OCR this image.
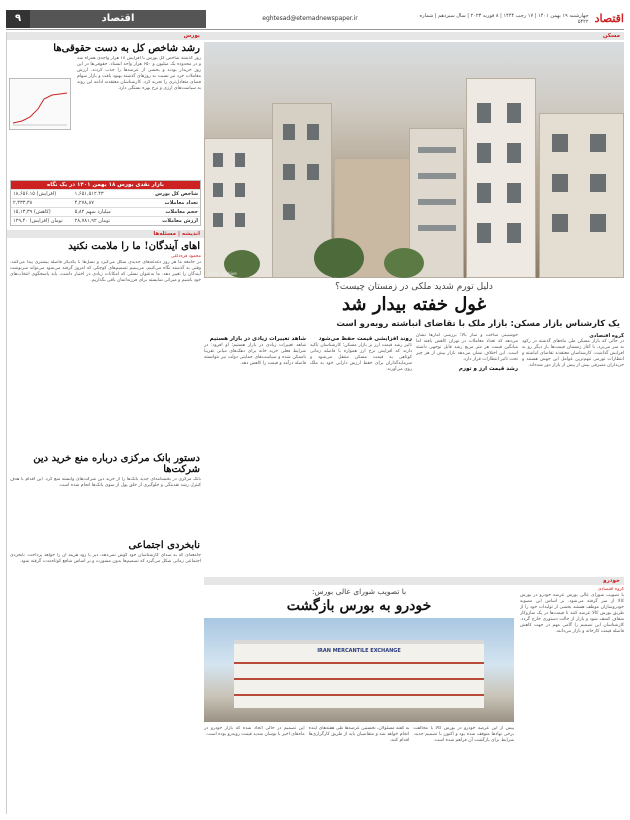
اقتصاد
چهارشنبه ۱۹ بهمن ۱۴۰۱ | ۱۷ رجب ۱۴۴۴ | ۸ فوریه ۲۰۲۳ | سال سیزدهم | شماره ۵۴۲۲
eghtesad@etemadnewspaper.ir
اقتصاد
۹
مسکن
Photo: archive
دلیل تورم شدید ملکی در زمستان چیست؟
غول خفته بیدار شد
یک کارشناس بازار مسکن: بازار ملک با تقاضای انباشته روبه‌رو است
گروه اقتصادی

در حالی که بازار مسکن طی ماه‌های گذشته در رکود به سر می‌برد، با آغاز زمستان قیمت‌ها بار دیگر رو به افزایش گذاشت. کارشناسان معتقدند تقاضای انباشته و انتظارات تورمی مهم‌ترین عوامل این جهش هستند و خریداران مصرفی بیش از پیش از بازار دور شده‌اند.

خوشبینی ساخت و ساز بالا؛ بررسی آمارها نشان می‌دهد که تعداد معاملات در تهران کاهش یافته اما میانگین قیمت هر متر مربع رشد قابل توجهی داشته است. این اختلاف نشان می‌دهد بازار بیش از هر چیز تحت تاثیر انتظارات قرار دارد.

رشد قیمت ارز و تورم
روند افزایشی قیمت حفظ می‌شود

تاثیر رشد قیمت ارز بر بازار مسکن؛ کارشناسان تاکید دارند که افزایش نرخ ارز همواره با فاصله زمانی کوتاهی به قیمت مسکن منتقل می‌شود و سرمایه‌گذاران برای حفظ ارزش دارایی خود به ملک روی می‌آورند.

شاهد تغییرات زیادی در بازار هستیم

شاهد تغییرات زیادی در بازار هستیم؛ او افزود: در شرایط فعلی خرید خانه برای دهک‌های میانی تقریبا ناممکن شده و سیاست‌های حمایتی دولت نیز نتوانسته فاصله درآمد و قیمت را کاهش دهد.

خودرو
گروه اقتصادی

با تصویب شورای عالی بورس عرضه خودرو در بورس کالا از سر گرفته می‌شود. بر اساس این مصوبه خودروسازان موظف هستند بخشی از تولیدات خود را از طریق بورس کالا عرضه کنند تا قیمت‌ها در یک سازوکار شفاف کشف شود و بازار از حالت دستوری خارج گردد. کارشناسان این تصمیم را گامی مهم در جهت کاهش فاصله قیمت کارخانه و بازار می‌دانند.

با تصویب شورای عالی بورس:
خودرو به بورس بازگشت
IRAN MERCANTILE EXCHANGE
پیش از این عرضه خودرو در بورس کالا با مخالفت برخی نهادها متوقف شده بود و اکنون با تصمیم جدید، شرایط برای بازگشت آن فراهم شده است.
به گفته مسئولان، نخستین عرضه‌ها طی هفته‌های آینده انجام خواهد شد و متقاضیان باید از طریق کارگزاری‌ها اقدام کنند.
این تصمیم در حالی اتخاذ شده که بازار خودرو در ماه‌های اخیر با نوسان شدید قیمت روبه‌رو بوده است.
بورس
رشد شاخص کل به دست حقوقی‌ها
روز گذشته شاخص کل بورس با افزایش ۱۸ هزار واحدی همراه شد و در محدوده یک میلیون و ۶۵۰ هزار واحد ایستاد. حقوقی‌ها در این روز خریدار بودند و بخشی از عرضه‌ها را جذب کردند. ارزش معاملات خرد نیز نسبت به روزهای گذشته بهبود یافت و بازار سهام فضای متعادل‌تری را تجربه کرد. کارشناسان معتقدند ادامه این روند به سیاست‌های ارزی و نرخ بهره بستگی دارد.
بازار نقدی بورس ۱۸ بهمن ۱۴۰۱ در یک نگاه
شاخص کل بورس
۱,۶۵۱,۵۱۲.۴۳
۱۸,۶۵۶.۱۵ (افزایش)
تعداد معاملات
۴,۲۷۸,۸۷
۲,۳۳۳,۳۸
حجم معاملات
۵,۸۲ میلیارد سهم
۱۵,۱۳,۳۹ (کاهش)
ارزش معاملات
۲۸,۷۸۱,۹۲ تومان
۱۲۹,۴۰ تومان (افزایش)
اندیشه | مسئله‌ها
اهای آیندگان! ما را ملامت نکنید
محمود قره‌داغی
در جامعه ما هر روز دغدغه‌های جدیدی شکل می‌گیرد و نسل‌ها با یکدیگر فاصله بیشتری پیدا می‌کنند. وقتی به گذشته نگاه می‌کنیم، می‌بینیم تصمیم‌های کوچکی که امروز گرفته می‌شود می‌تواند سرنوشت آیندگان را تغییر دهد. ما به‌عنوان نسلی که امکانات زیادی در اختیار داشت، باید پاسخگوی انتخاب‌های خود باشیم و میراثی شایسته برای فرزندانمان باقی بگذاریم.
دستور بانک مرکزی درباره منع خرید دین شرکت‌ها
بانک مرکزی در بخشنامه‌ای جدید بانک‌ها را از خرید دین شرکت‌های وابسته منع کرد. این اقدام با هدف کنترل رشد نقدینگی و جلوگیری از خلق پول از سوی بانک‌ها انجام شده است.
نابخردی اجتماعی
جامعه‌ای که به صدای کارشناسان خود گوش نمی‌دهد، دیر یا زود هزینه آن را خواهد پرداخت. نابخردی اجتماعی زمانی شکل می‌گیرد که تصمیم‌ها بدون مشورت و بر اساس منافع کوتاه‌مدت گرفته شود.
